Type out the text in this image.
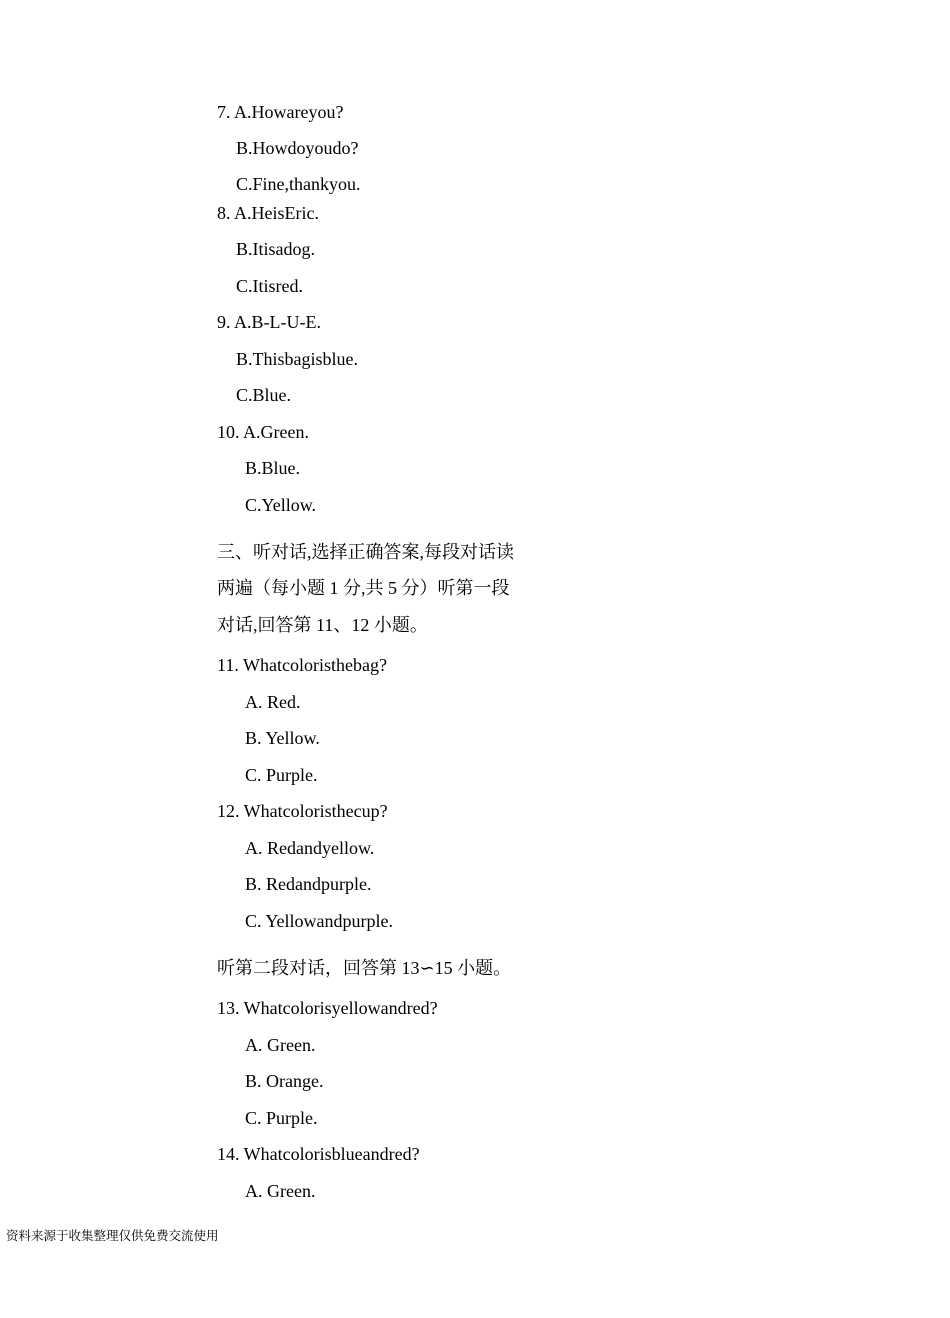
7. A.Howareyou?
B.Howdoyoudo?
C.Fine,thankyou.
8. A.HeisEric.
B.Itisadog.
C.Itisred.
9. A.B-L-U-E.
B.Thisbagisblue.
C.Blue.
10. A.Green.
B.Blue.
C.Yellow.
三、听对话,选择正确答案,每段对话读
两遍（每小题 1 分,共 5 分）听第一段
对话,回答第 11、12 小题。
11. Whatcoloristhebag?
A. Red.
B. Yellow.
C. Purple.
12. Whatcoloristhecup?
A. Redandyellow.
B. Redandpurple.
C. Yellowandpurple.
听第二段对话，回答第 13∽15 小题。
13. Whatcolorisyellowandred?
A. Green.
B. Orange.
C. Purple.
14. Whatcolorisblueandred?
A. Green.
资料来源于收集整理仅供免费交流使用
